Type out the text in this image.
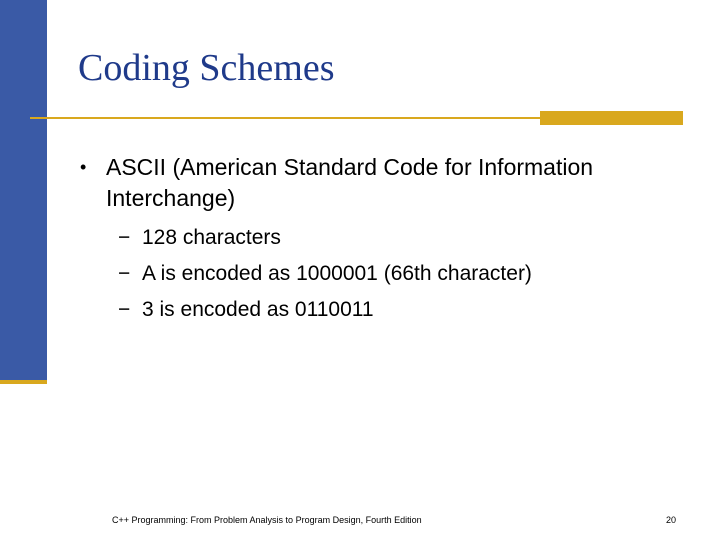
Coding Schemes
• ASCII (American Standard Code for Information Interchange)
− 128 characters
− A is encoded as 1000001 (66th character)
− 3 is encoded as 0110011
C++ Programming: From Problem Analysis to Program Design, Fourth Edition	20
